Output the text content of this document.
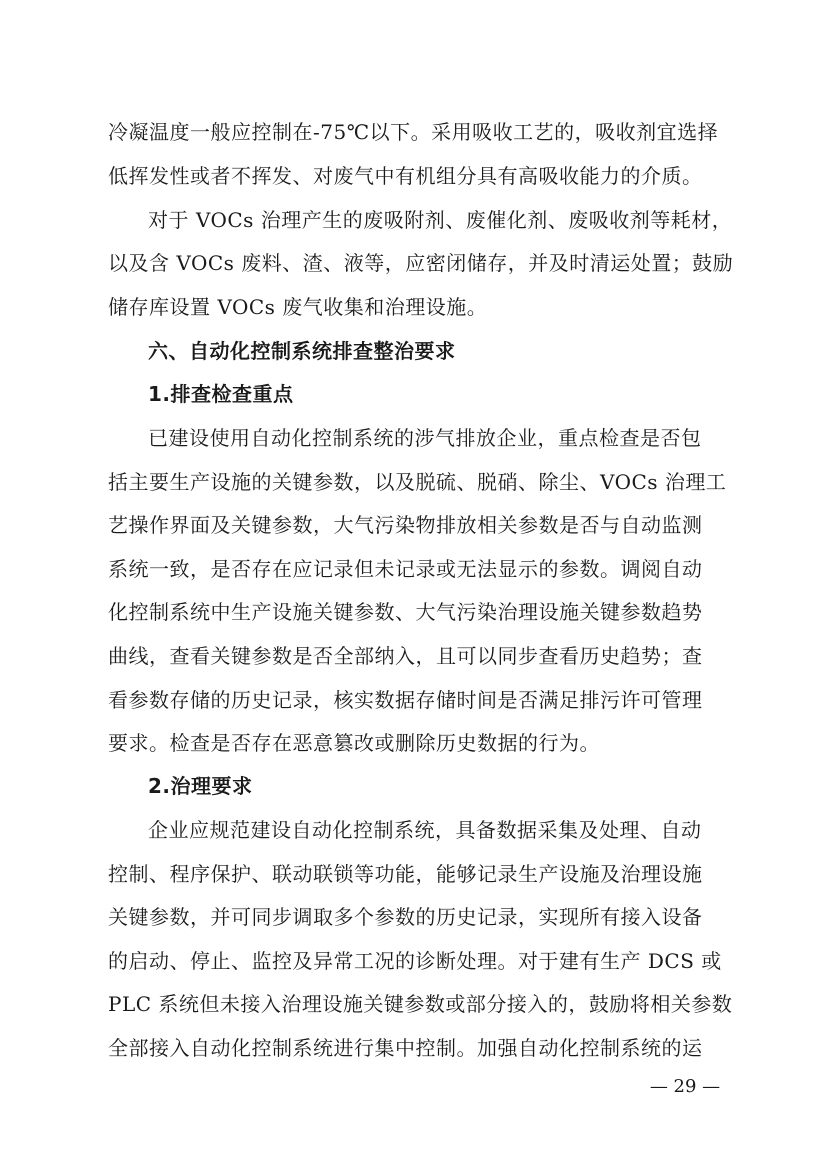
冷凝温度一般应控制在-75℃以下。采用吸收工艺的，吸收剂宜选择
低挥发性或者不挥发、对废气中有机组分具有高吸收能力的介质。
对于 VOCs 治理产生的废吸附剂、废催化剂、废吸收剂等耗材，
以及含 VOCs 废料、渣、液等，应密闭储存，并及时清运处置；鼓励
储存库设置 VOCs 废气收集和治理设施。
六、自动化控制系统排查整治要求
1.排查检查重点
已建设使用自动化控制系统的涉气排放企业，重点检查是否包
括主要生产设施的关键参数，以及脱硫、脱硝、除尘、VOCs 治理工
艺操作界面及关键参数，大气污染物排放相关参数是否与自动监测
系统一致，是否存在应记录但未记录或无法显示的参数。调阅自动
化控制系统中生产设施关键参数、大气污染治理设施关键参数趋势
曲线，查看关键参数是否全部纳入，且可以同步查看历史趋势；查
看参数存储的历史记录，核实数据存储时间是否满足排污许可管理
要求。检查是否存在恶意篡改或删除历史数据的行为。
2.治理要求
企业应规范建设自动化控制系统，具备数据采集及处理、自动
控制、程序保护、联动联锁等功能，能够记录生产设施及治理设施
关键参数，并可同步调取多个参数的历史记录，实现所有接入设备
的启动、停止、监控及异常工况的诊断处理。对于建有生产 DCS 或
PLC 系统但未接入治理设施关键参数或部分接入的，鼓励将相关参数
全部接入自动化控制系统进行集中控制。加强自动化控制系统的运
— 29 —
